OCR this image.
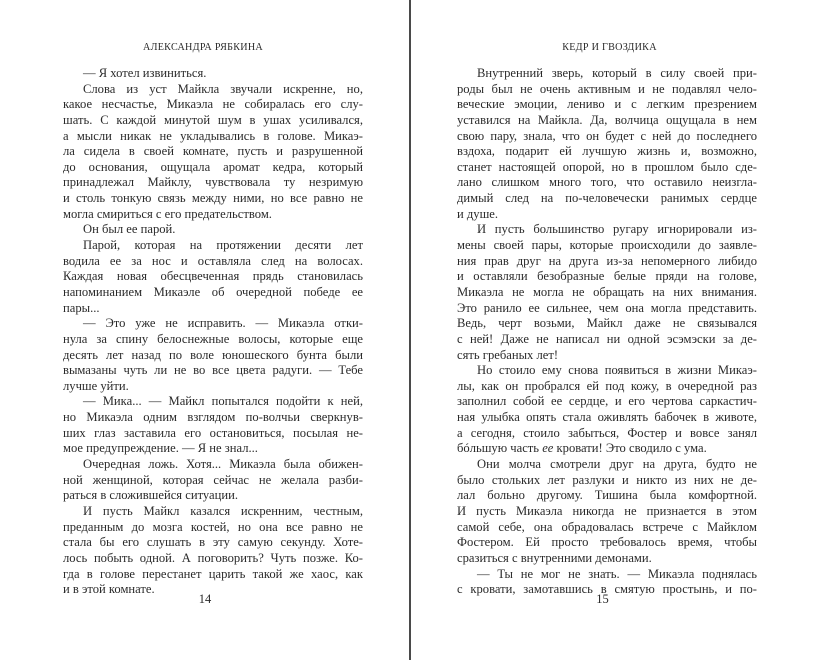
АЛЕКСАНДРА РЯБКИНА
— Я хотел извиниться.
Слова из уст Майкла звучали искренне, но,
какое несчастье, Микаэла не собиралась его слу-
шать. С каждой минутой шум в ушах усиливался,
а мысли никак не укладывались в голове. Микаэ-
ла сидела в своей комнате, пусть и разрушенной
до основания, ощущала аромат кедра, который
принадлежал Майклу, чувствовала ту незримую
и столь тонкую связь между ними, но все равно не
могла смириться с его предательством.
Он был ее парой.
Парой, которая на протяжении десяти лет
водила ее за нос и оставляла след на волосах.
Каждая новая обесцвеченная прядь становилась
напоминанием Микаэле об очередной победе ее
пары...
— Это уже не исправить. — Микаэла отки-
нула за спину белоснежные волосы, которые еще
десять лет назад по воле юношеского бунта были
вымазаны чуть ли не во все цвета радуги. — Тебе
лучше уйти.
— Мика... — Майкл попытался подойти к ней,
но Микаэла одним взглядом по-волчьи сверкнув-
ших глаз заставила его остановиться, посылая не-
мое предупреждение. — Я не знал...
Очередная ложь. Хотя... Микаэла была обижен-
ной женщиной, которая сейчас не желала разби-
раться в сложившейся ситуации.
И пусть Майкл казался искренним, честным,
преданным до мозга костей, но она все равно не
стала бы его слушать в эту самую секунду. Хоте-
лось побыть одной. А поговорить? Чуть позже. Ко-
гда в голове перестанет царить такой же хаос, как
и в этой комнате.
14
КЕДР И ГВОЗДИКА
Внутренний зверь, который в силу своей при-
роды был не очень активным и не подавлял чело-
веческие эмоции, лениво и с легким презрением
уставился на Майкла. Да, волчица ощущала в нем
свою пару, знала, что он будет с ней до последнего
вздоха, подарит ей лучшую жизнь и, возможно,
станет настоящей опорой, но в прошлом было сде-
лано слишком много того, что оставило неизгла-
димый след на по-человечески ранимых сердце
и душе.
И пусть большинство ругару игнорировали из-
мены своей пары, которые происходили до заявле-
ния прав друг на друга из-за непомерного либидо
и оставляли безобразные белые пряди на голове,
Микаэла не могла не обращать на них внимания.
Это ранило ее сильнее, чем она могла представить.
Ведь, черт возьми, Майкл даже не связывался
с ней! Даже не написал ни одной эсэмэски за де-
сять гребаных лет!
Но стоило ему снова появиться в жизни Микаэ-
лы, как он пробрался ей под кожу, в очередной раз
заполнил собой ее сердце, и его чертова саркастич-
ная улыбка опять стала оживлять бабочек в животе,
а сегодня, стоило забыться, Фостер и вовсе занял
бóльшую часть ее кровати! Это сводило с ума.
Они молча смотрели друг на друга, будто не
было стольких лет разлуки и никто из них не де-
лал больно другому. Тишина была комфортной.
И пусть Микаэла никогда не признается в этом
самой себе, она обрадовалась встрече с Майклом
Фостером. Ей просто требовалось время, чтобы
сразиться с внутренними демонами.
— Ты не мог не знать. — Микаэла поднялась
с кровати, замотавшись в смятую простынь, и по-
15
